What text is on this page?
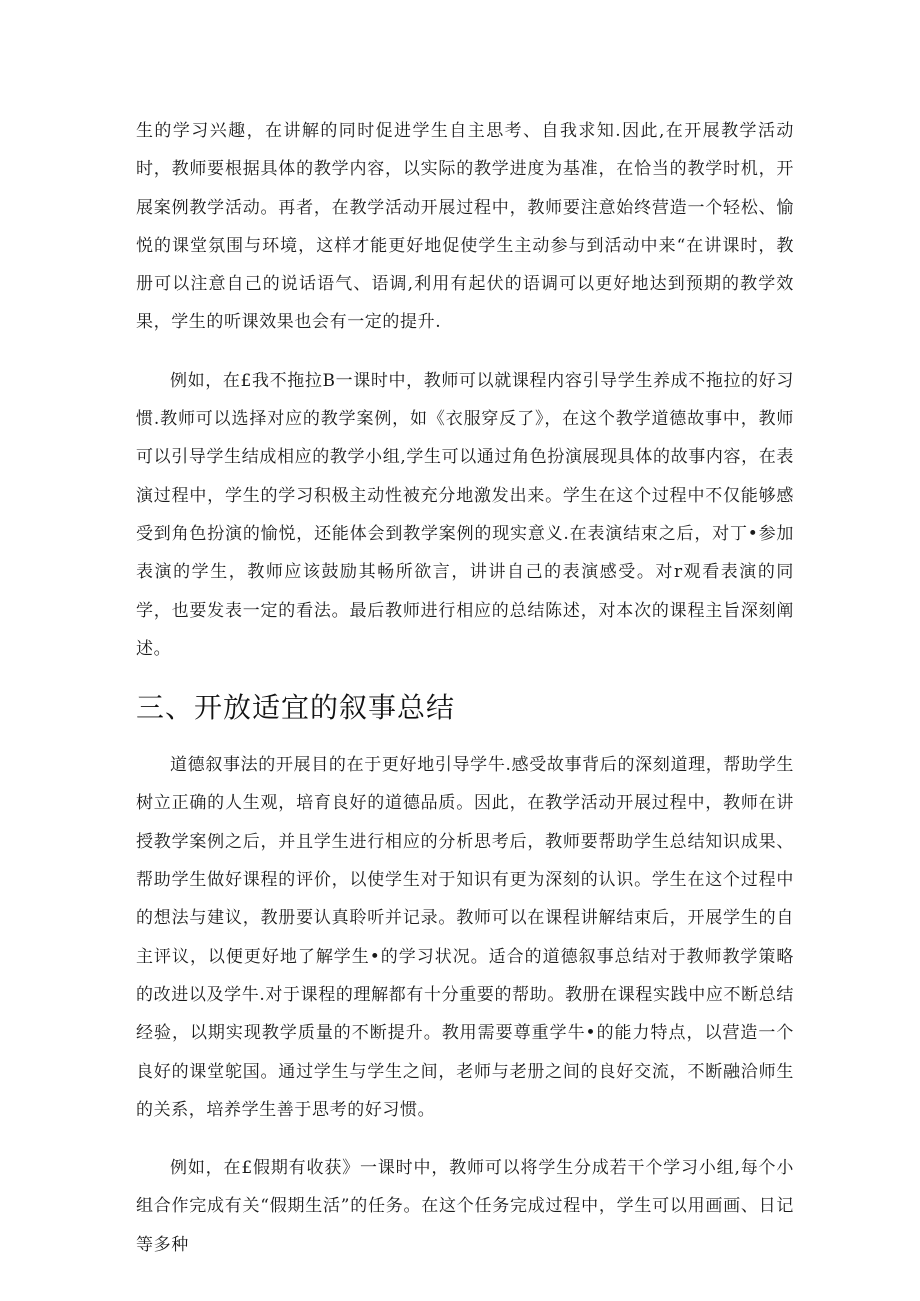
生的学习兴趣，在讲解的同时促进学生自主思考、自我求知.因此,在开展教学活动时，教师要根据具体的教学内容，以实际的教学进度为基准，在恰当的教学时机，开展案例教学活动。再者，在教学活动开展过程中，教师要注意始终营造一个轻松、愉悦的课堂氛围与环境，这样才能更好地促使学生主动参与到活动中来“在讲课时，教册可以注意自己的说话语气、语调,利用有起伏的语调可以更好地达到预期的教学效果，学生的听课效果也会有一定的提升.

例如，在£我不拖拉B一课时中，教师可以就课程内容引导学生养成不拖拉的好习惯.教师可以选择对应的教学案例，如《衣服穿反了》，在这个教学道德故事中，教师可以引导学生结成相应的教学小组,学生可以通过角色扮演展现具体的故事内容，在表演过程中，学生的学习积极主动性被充分地激发出来。学生在这个过程中不仅能够感受到角色扮演的愉悦，还能体会到教学案例的现实意义.在表演结束之后，对丁•参加表演的学生，教师应该鼓励其畅所欲言，讲讲自己的表演感受。对r观看表演的同学，也要发表一定的看法。最后教师进行相应的总结陈述，对本次的课程主旨深刻阐述。

三、开放适宜的叙事总结

道德叙事法的开展目的在于更好地引导学牛.感受故事背后的深刻道理，帮助学生树立正确的人生观，培育良好的道德品质。因此，在教学活动开展过程中，教师在讲授教学案例之后，并且学生进行相应的分析思考后，教师要帮助学生总结知识成果、帮助学生做好课程的评价，以使学生对于知识有更为深刻的认识。学生在这个过程中的想法与建议，教册要认真聆听并记录。教师可以在课程讲解结束后，开展学生的自主评议，以便更好地了解学生•的学习状况。适合的道德叙事总结对于教师教学策略的改进以及学牛.对于课程的理解都有十分重要的帮助。教册在课程实践中应不断总结经验，以期实现教学质量的不断提升。教用需要尊重学牛•的能力特点，以营造一个良好的课堂鸵国。通过学生与学生之间，老师与老册之间的良好交流，不断融洽师生的关系，培养学生善于思考的好习惯。

例如，在£假期有收获》一课时中，教师可以将学生分成若干个学习小组,每个小组合作完成有关“假期生活”的任务。在这个任务完成过程中，学生可以用画画、日记等多种
